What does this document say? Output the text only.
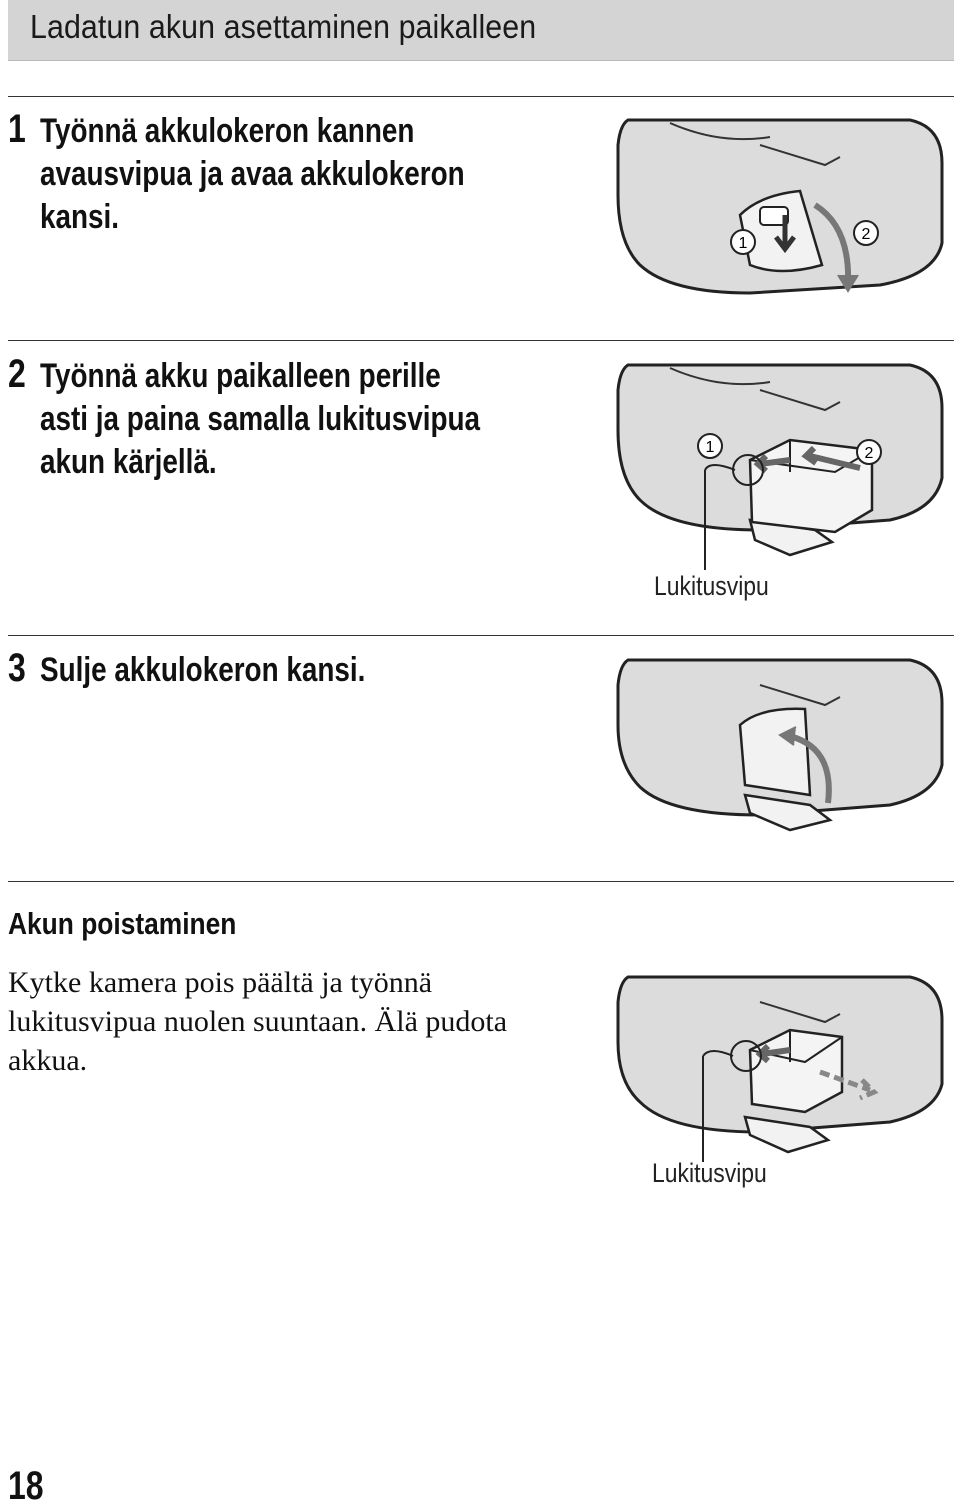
Ladatun akun asettaminen paikalleen
1 Työnnä akkulokeron kannen
avausvipua ja avaa akkulokeron
kansi.
1
2
2 Työnnä akku paikalleen perille
asti ja paina samalla lukitusvipua
akun kärjellä.	1	2
Lukitusvipu
3 Sulje akkulokeron kansi.
Akun poistaminen
Kytke kamera pois päältä ja työnnä lukitusvipua nuolen suuntaan. Älä pudota akkua.
Lukitusvipu
18
